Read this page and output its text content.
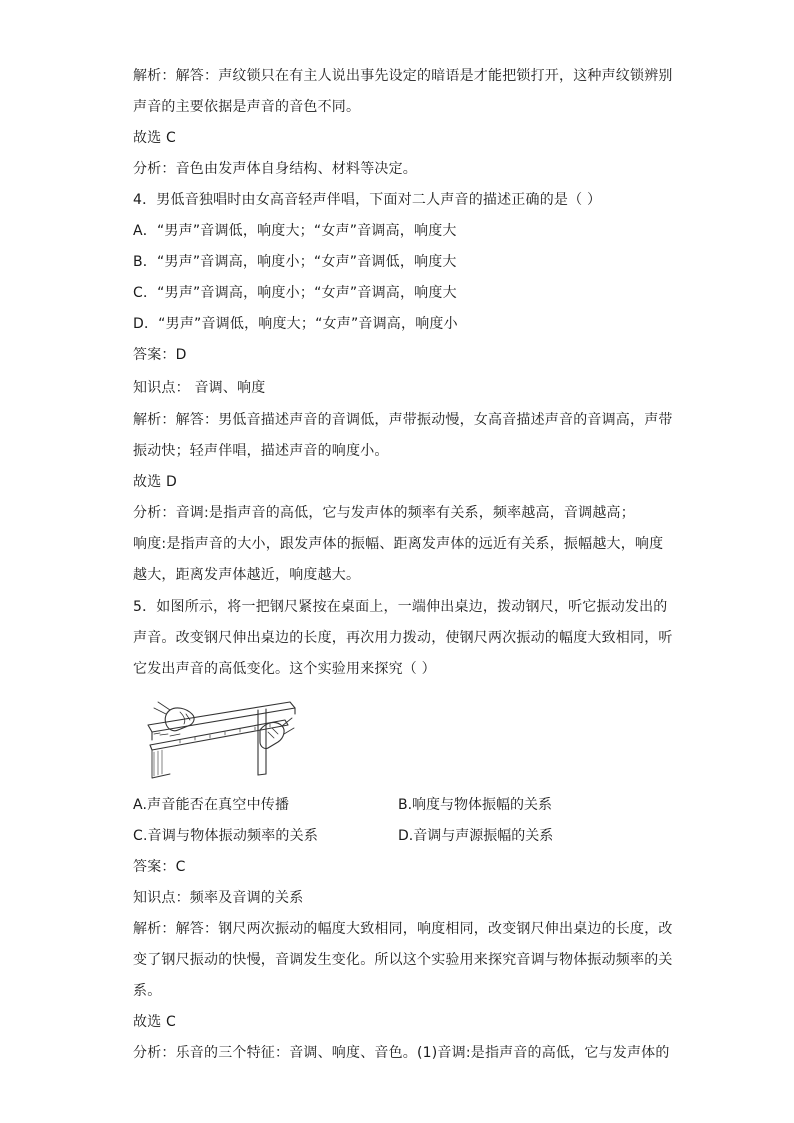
解析：解答：声纹锁只在有主人说出事先设定的暗语是才能把锁打开，这种声纹锁辨别
声音的主要依据是声音的音色不同。
故选 C
分析：音色由发声体自身结构、材料等决定。
4．男低音独唱时由女高音轻声伴唱，下面对二人声音的描述正确的是（ ）
A．“男声”音调低，响度大；“女声”音调高，响度大
B．“男声”音调高，响度小；“女声”音调低，响度大
C．“男声”音调高，响度小；“女声”音调高，响度大
D．“男声”音调低，响度大；“女声”音调高，响度小
答案：D
知识点： 音调、响度
解析：解答：男低音描述声音的音调低，声带振动慢，女高音描述声音的音调高，声带
振动快；轻声伴唱，描述声音的响度小。
故选 D
分析：音调:是指声音的高低，它与发声体的频率有关系，频率越高，音调越高；
响度:是指声音的大小，跟发声体的振幅、距离发声体的远近有关系，振幅越大，响度
越大，距离发声体越近，响度越大。
5．如图所示，将一把钢尺紧按在桌面上，一端伸出桌边，拨动钢尺，听它振动发出的
声音。改变钢尺伸出桌边的长度，再次用力拨动，使钢尺两次振动的幅度大致相同，听
它发出声音的高低变化。这个实验用来探究（ ）
A.声音能否在真空中传播	B.响度与物体振幅的关系
C.音调与物体振动频率的关系	D.音调与声源振幅的关系
答案：C
知识点：频率及音调的关系
解析：解答：钢尺两次振动的幅度大致相同，响度相同，改变钢尺伸出桌边的长度，改
变了钢尺振动的快慢，音调发生变化。所以这个实验用来探究音调与物体振动频率的关
系。
故选 C
分析：乐音的三个特征：音调、响度、音色。(1)音调:是指声音的高低，它与发声体的
